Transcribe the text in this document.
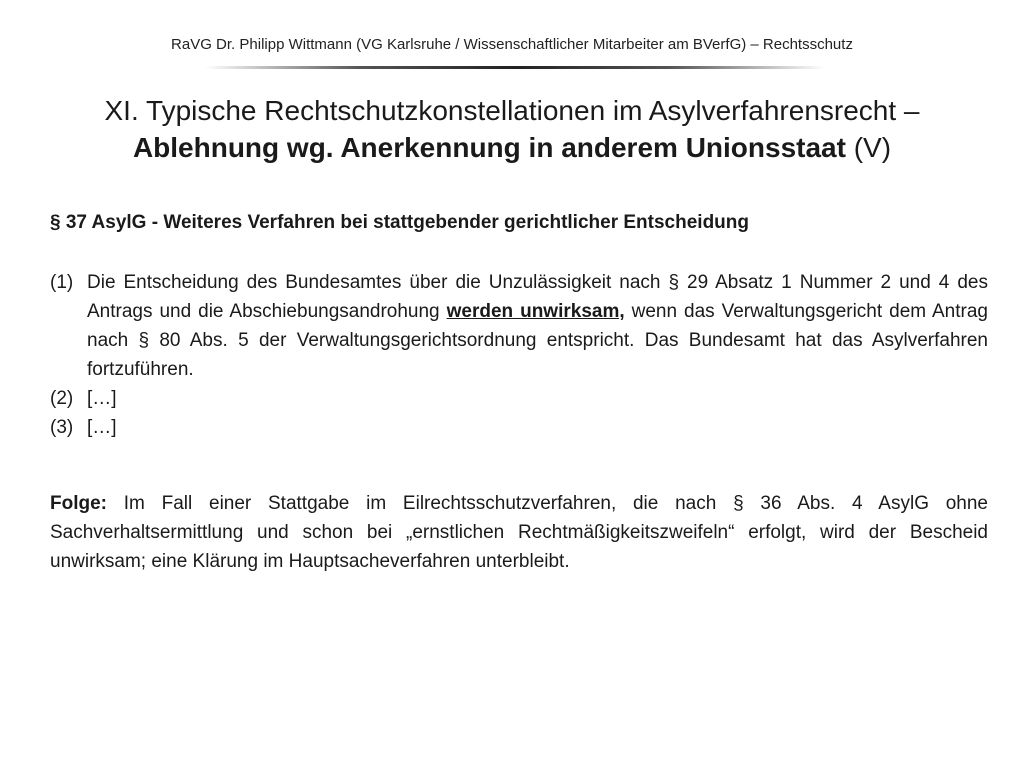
RaVG Dr. Philipp Wittmann (VG Karlsruhe / Wissenschaftlicher Mitarbeiter am BVerfG) – Rechtsschutz
XI. Typische Rechtschutzkonstellationen im Asylverfahrensrecht –
Ablehnung wg. Anerkennung in anderem Unionsstaat (V)
§ 37 AsylG - Weiteres Verfahren bei stattgebender gerichtlicher Entscheidung
(1) Die Entscheidung des Bundesamtes über die Unzulässigkeit nach § 29 Absatz 1 Nummer 2 und 4 des Antrags und die Abschiebungsandrohung werden unwirksam, wenn das Verwaltungsgericht dem Antrag nach § 80 Abs. 5 der Verwaltungsgerichtsordnung entspricht. Das Bundesamt hat das Asylverfahren fortzuführen.
(2) […]
(3) […]
Folge: Im Fall einer Stattgabe im Eilrechtsschutzverfahren, die nach § 36 Abs. 4 AsylG ohne Sachverhaltsermittlung und schon bei „ernstlichen Rechtmäßigkeitszweifeln“ erfolgt, wird der Bescheid unwirksam; eine Klärung im Hauptsacheverfahren unterbleibt.
